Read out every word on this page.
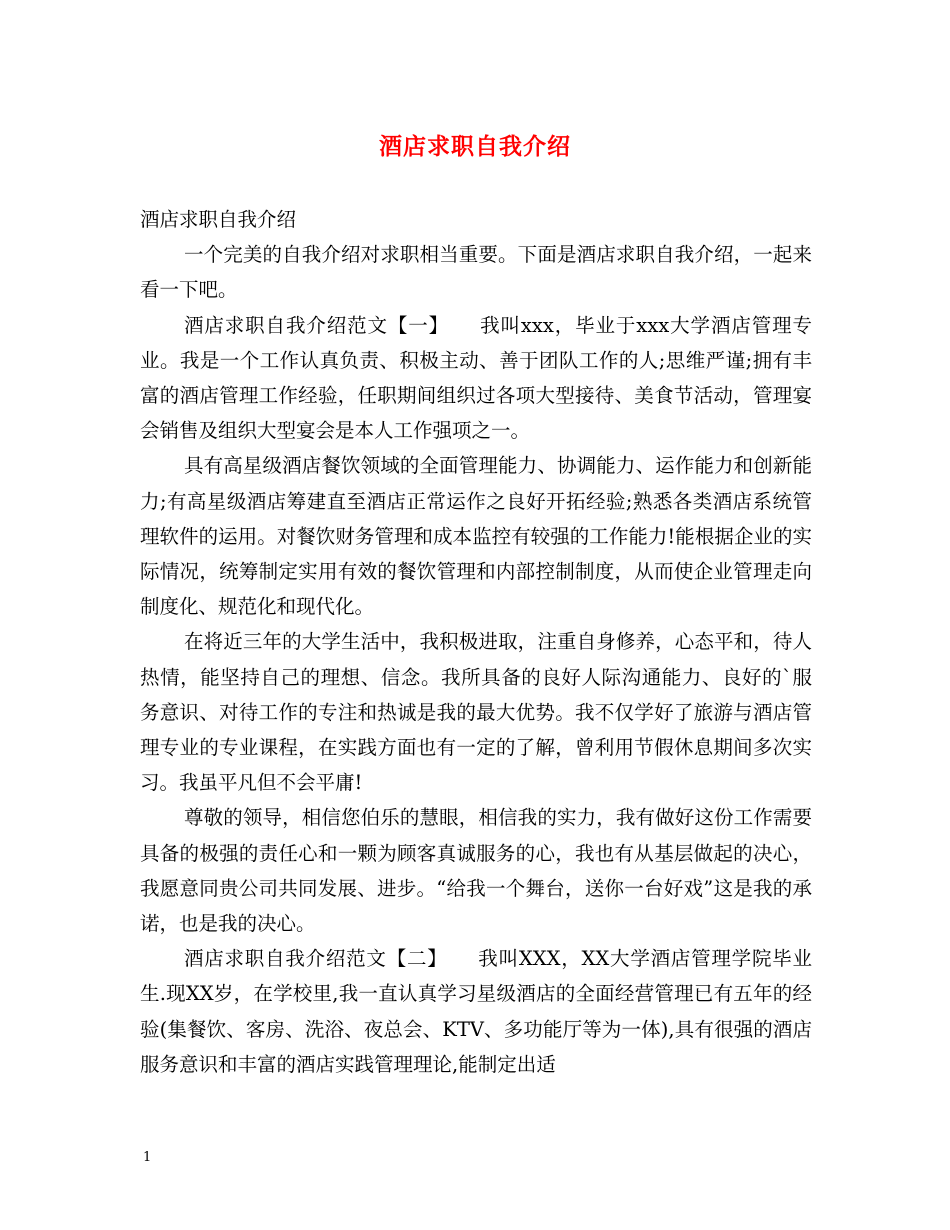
酒店求职自我介绍

酒店求职自我介绍

一个完美的自我介绍对求职相当重要。下面是酒店求职自我介绍，一起来看一下吧。

酒店求职自我介绍范文【一】　　我叫xxx，毕业于xxx大学酒店管理专业。我是一个工作认真负责、积极主动、善于团队工作的人;思维严谨;拥有丰富的酒店管理工作经验，任职期间组织过各项大型接待、美食节活动，管理宴会销售及组织大型宴会是本人工作强项之一。

具有高星级酒店餐饮领域的全面管理能力、协调能力、运作能力和创新能力;有高星级酒店筹建直至酒店正常运作之良好开拓经验;熟悉各类酒店系统管理软件的运用。对餐饮财务管理和成本监控有较强的工作能力!能根据企业的实际情况，统筹制定实用有效的餐饮管理和内部控制制度，从而使企业管理走向制度化、规范化和现代化。

在将近三年的大学生活中，我积极进取，注重自身修养，心态平和，待人热情，能坚持自己的理想、信念。我所具备的良好人际沟通能力、良好的`服务意识、对待工作的专注和热诚是我的最大优势。我不仅学好了旅游与酒店管理专业的专业课程，在实践方面也有一定的了解，曾利用节假休息期间多次实习。我虽平凡但不会平庸!

尊敬的领导，相信您伯乐的慧眼，相信我的实力，我有做好这份工作需要具备的极强的责任心和一颗为顾客真诚服务的心，我也有从基层做起的决心，我愿意同贵公司共同发展、进步。“给我一个舞台，送你一台好戏”这是我的承诺，也是我的决心。

酒店求职自我介绍范文【二】　　我叫XXX，XX大学酒店管理学院毕业生.现XX岁，在学校里,我一直认真学习星级酒店的全面经营管理已有五年的经验(集餐饮、客房、洗浴、夜总会、KTV、多功能厅等为一体),具有很强的酒店服务意识和丰富的酒店实践管理理论,能制定出适

1
